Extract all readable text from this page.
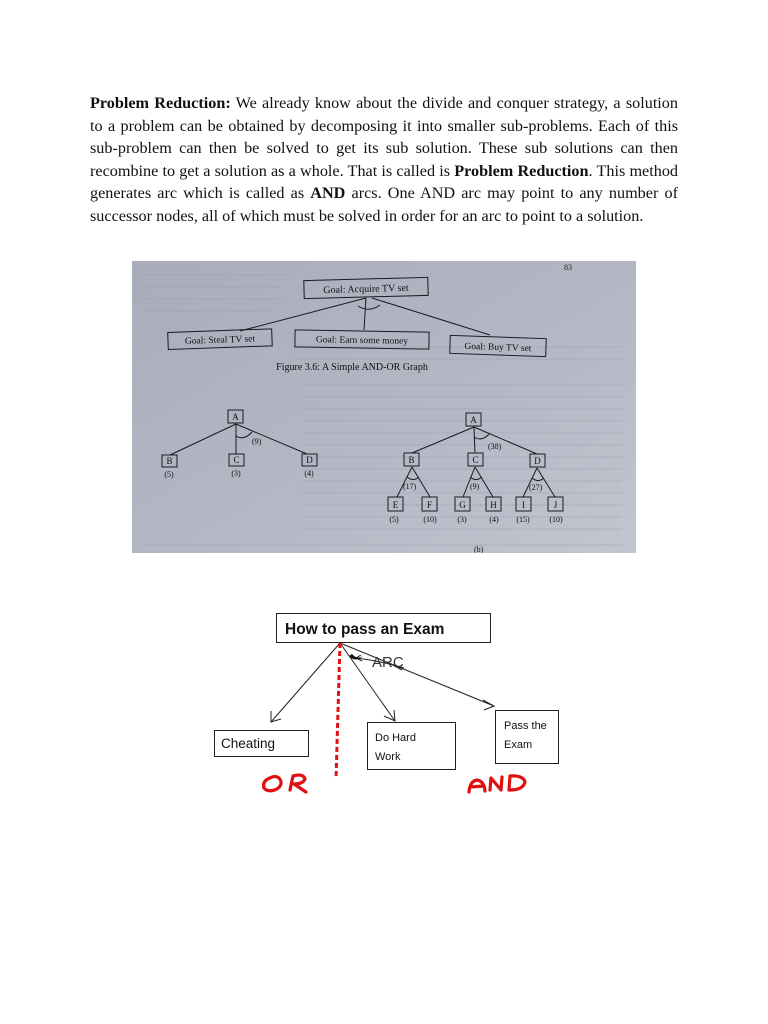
Problem Reduction: We already know about the divide and conquer strategy, a solution to a problem can be obtained by decomposing it into smaller sub-problems. Each of this sub-problem can then be solved to get its sub solution. These sub solutions can then recombine to get a solution as a whole. That is called is Problem Reduction. This method generates arc which is called as AND arcs. One AND arc may point to any number of successor nodes, all of which must be solved in order for an arc to point to a solution.
83
Goal: Acquire TV set
Goal: Steal TV set	Goal: Earn some money
Goal: Buy TV set
Figure 3.6: A Simple AND-OR Graph
A
(9)
B
(5)
C
(3)
D
(4)
A
(38)
B
(17)
C
(9)
D
(27)
E
(5)
F
(10)
G
(3)
H
(4)
I
(15)
J
(10)
(b)
How to pass an Exam
ARC
Cheating	Do Hard
Work
Pass the
Exam
